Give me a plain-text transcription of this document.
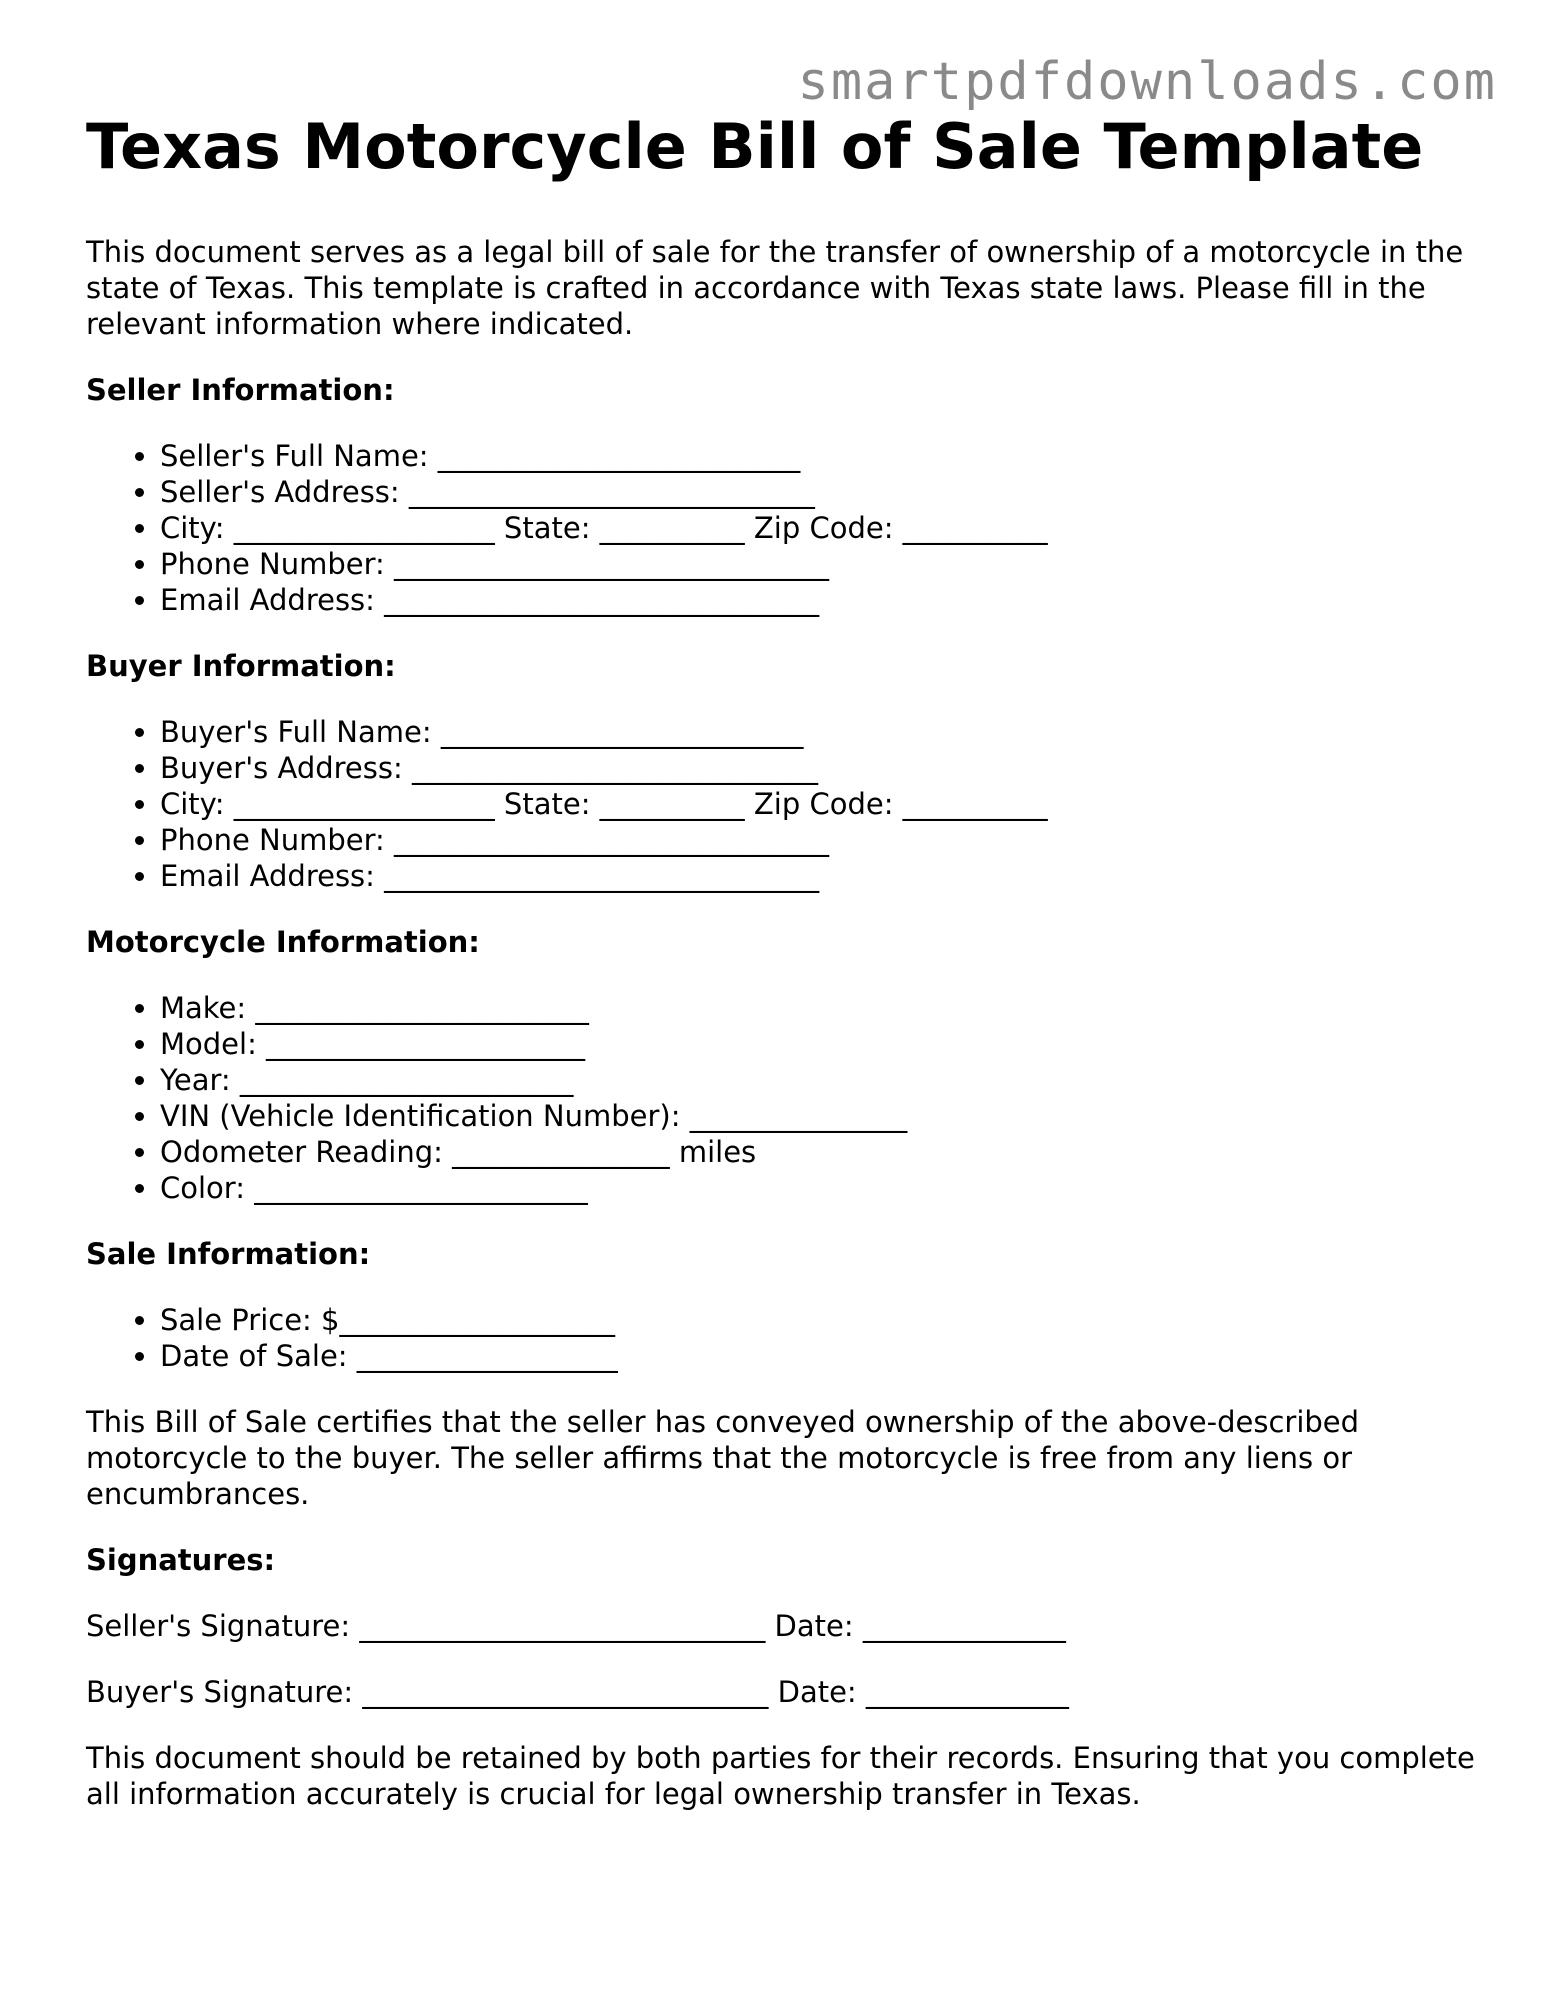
smartpdfdownloads.com
Texas Motorcycle Bill of Sale Template

This document serves as a legal bill of sale for the transfer of ownership of a motorcycle in the state of Texas. This template is crafted in accordance with Texas state laws. Please fill in the relevant information where indicated.

Seller Information:
• Seller's Full Name: _________________________
• Seller's Address: ____________________________
• City: __________________ State: __________ Zip Code: __________
• Phone Number: ______________________________
• Email Address: ______________________________
Buyer Information:
• Buyer's Full Name: _________________________
• Buyer's Address: ____________________________
• City: __________________ State: __________ Zip Code: __________
• Phone Number: ______________________________
• Email Address: ______________________________
Motorcycle Information:
• Make: _______________________
• Model: ______________________
• Year: _______________________
• VIN (Vehicle Identification Number): _______________
• Odometer Reading: _______________ miles
• Color: _______________________
Sale Information:
• Sale Price: $___________________
• Date of Sale: __________________

This Bill of Sale certifies that the seller has conveyed ownership of the above-described motorcycle to the buyer. The seller affirms that the motorcycle is free from any liens or encumbrances.

Signatures:
Seller's Signature: ____________________________ Date: ______________
Buyer's Signature: ____________________________ Date: ______________

This document should be retained by both parties for their records. Ensuring that you complete all information accurately is crucial for legal ownership transfer in Texas.
